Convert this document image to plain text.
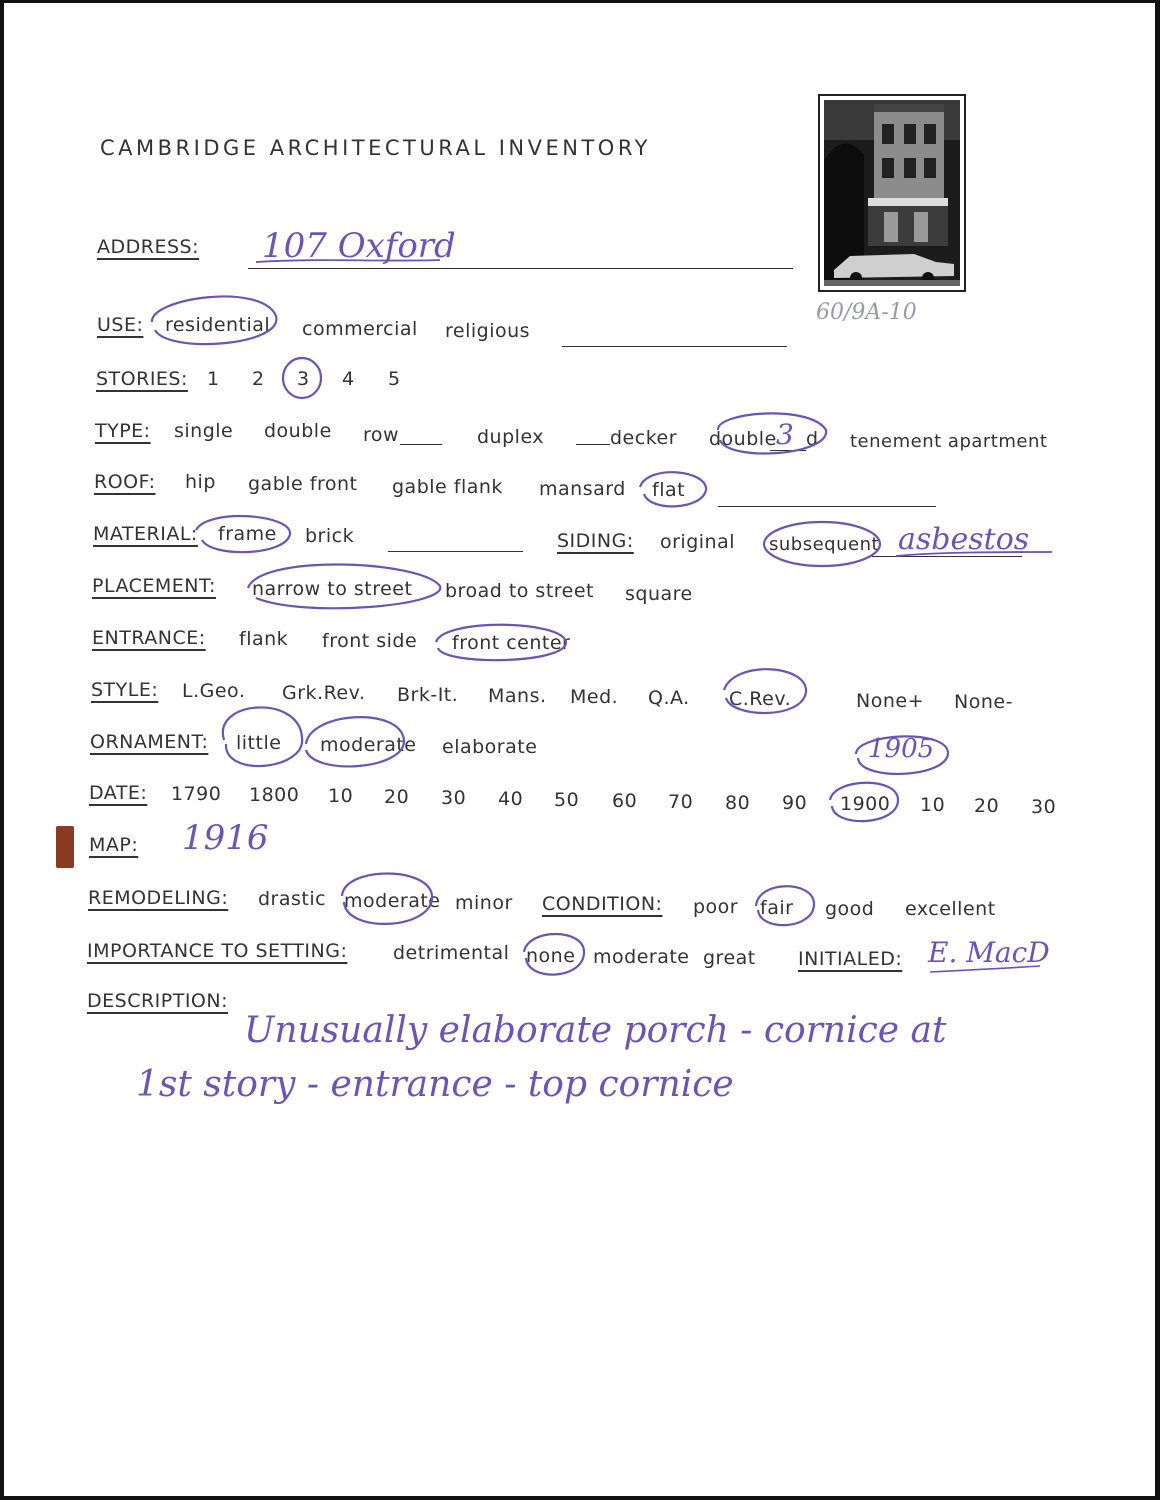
CAMBRIDGE ARCHITECTURAL INVENTORY
60/9A-10
ADDRESS: 107 Oxford
USE: residential commercial religious
STORIES: 1 2 3 4 5
TYPE: single double row	duplex	decker double 3 d tenement apartment
ROOF: hip gable front gable flank mansard flat
MATERIAL: frame brick	SIDING: original subsequent asbestos
PLACEMENT: narrow to street broad to street square
ENTRANCE: flank front side front center
STYLE: L.Geo. Grk.Rev. Brk-It. Mans. Med. Q.A. C.Rev.	None+ None-
ORNAMENT: little moderate elaborate	1905
DATE: 1790 1800 10 20 30 40 50 60 70 80 90 1900 10 20 30
MAP: 1916
REMODELING: drastic moderate minor CONDITION: poor fair good excellent
IMPORTANCE TO SETTING: detrimental none moderate great INITIALED: E. MacD
DESCRIPTION:
Unusually elaborate porch - cornice at
1st story - entrance - top cornice
